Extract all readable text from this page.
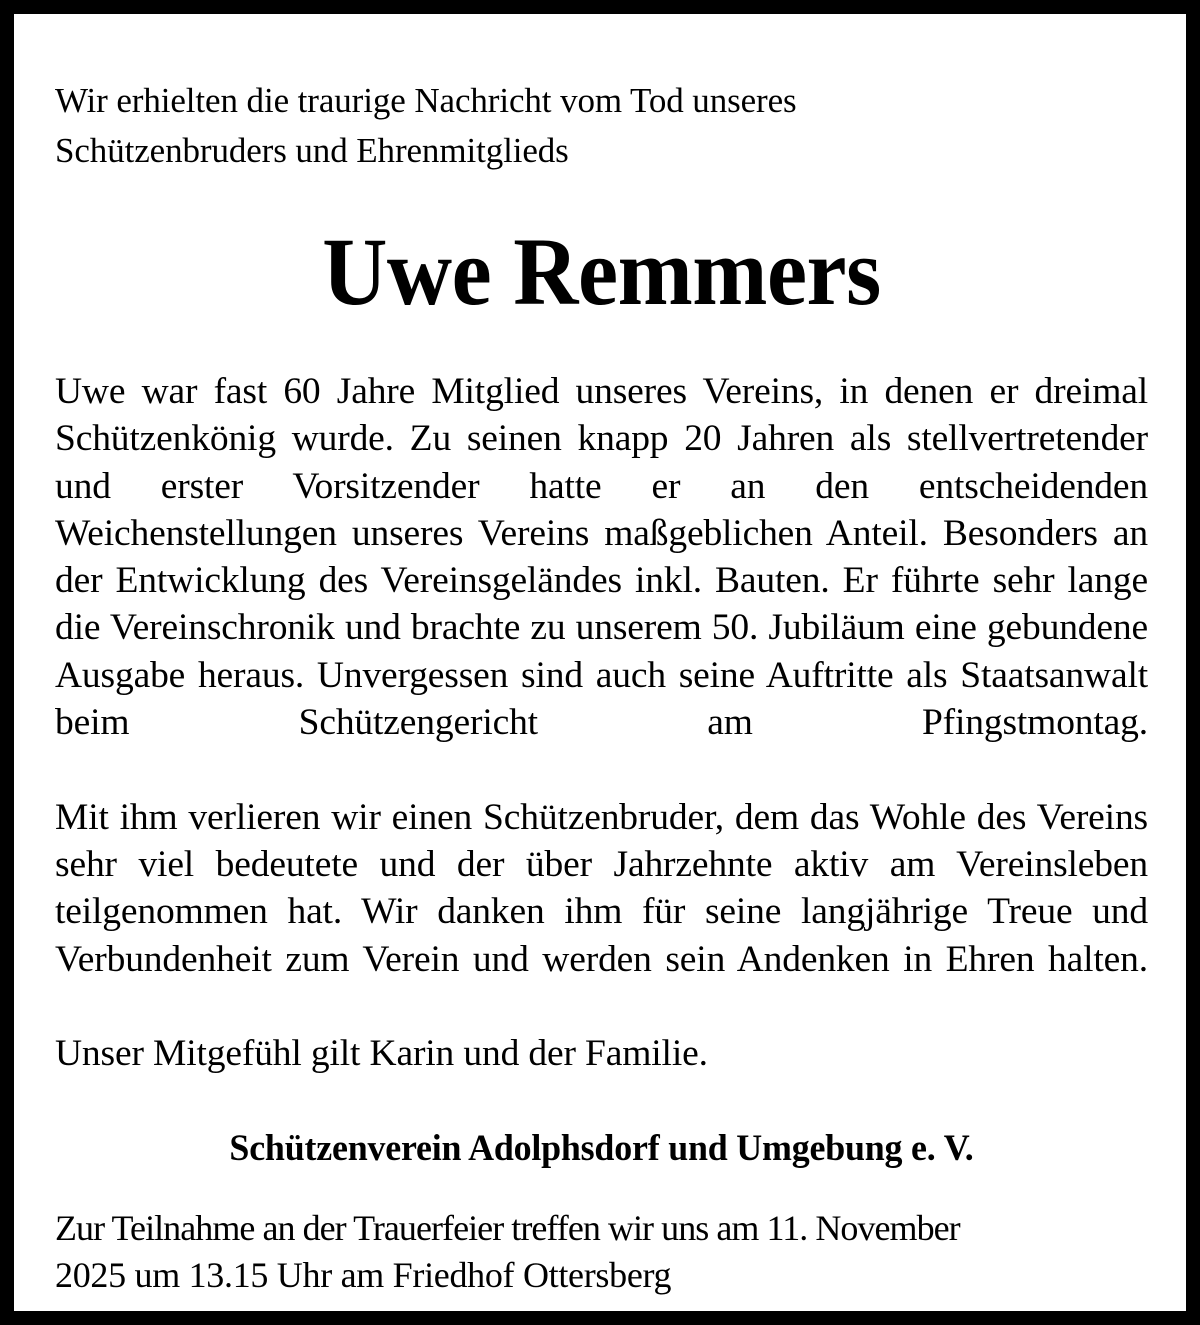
Wir erhielten die traurige Nachricht vom Tod unseres
Schützenbruders und Ehrenmitglieds
Uwe Remmers

Uwe war fast 60 Jahre Mitglied unseres Vereins, in denen er dreimal Schützenkönig wurde. Zu seinen knapp 20 Jahren als stellvertretender und erster Vorsitzender hatte er an den entscheidenden Weichenstellungen unseres Vereins maßgeblichen Anteil. Besonders an der Entwicklung des Vereinsgeländes inkl. Bauten. Er führte sehr lange die Vereinschronik und brachte zu unserem 50. Jubiläum eine gebundene Ausgabe heraus. Unvergessen sind auch seine Auftritte als Staatsanwalt beim Schützengericht am Pfingstmontag.

Mit ihm verlieren wir einen Schützenbruder, dem das Wohle des Vereins sehr viel bedeutete und der über Jahrzehnte aktiv am Vereinsleben teilgenommen hat. Wir danken ihm für seine langjährige Treue und Verbundenheit zum Verein und werden sein Andenken in Ehren halten.

Unser Mitgefühl gilt Karin und der Familie.

Schützenverein Adolphsdorf und Umgebung e. V.
Zur Teilnahme an der Trauerfeier treffen wir uns am 11. November
2025 um 13.15 Uhr am Friedhof Ottersberg
